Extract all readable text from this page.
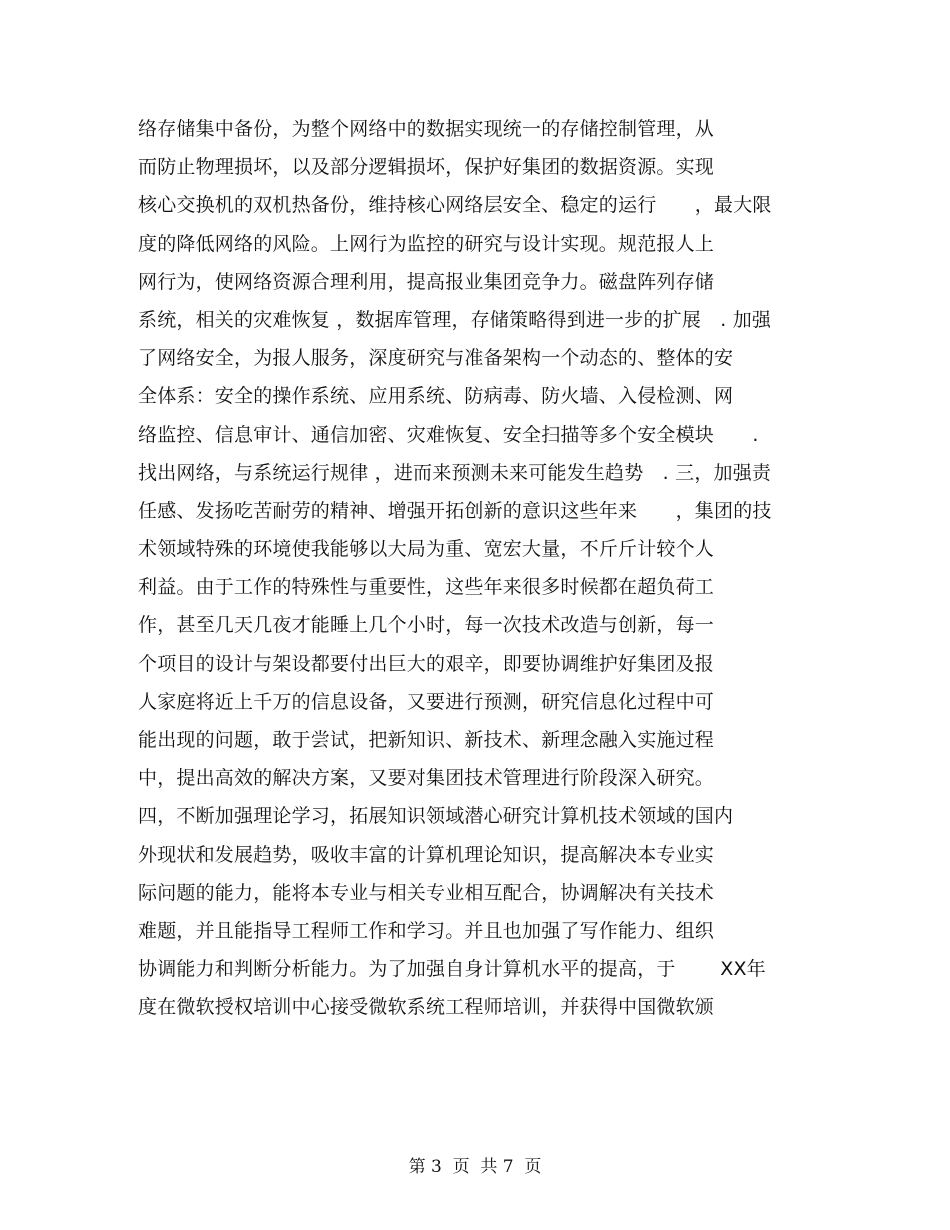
络存储集中备份，为整个网络中的数据实现统一的存储控制管理，从
而防止物理损坏，以及部分逻辑损坏，保护好集团的数据资源。实现
核心交换机的双机热备份，维持核心网络层安全、稳定的运行　　，最大限
度的降低网络的风险。上网行为监控的研究与设计实现。规范报人上
网行为，使网络资源合理利用，提高报业集团竞争力。磁盘阵列存储
系统，相关的灾难恢复 ，数据库管理，存储策略得到进一步的扩展　. 加强
了网络安全，为报人服务，深度研究与准备架构一个动态的、整体的安
全体系：安全的操作系统、应用系统、防病毒、防火墙、入侵检测、网
络监控、信息审计、通信加密、灾难恢复、安全扫描等多个安全模块　　.
找出网络，与系统运行规律 ，进而来预测未来可能发生趋势　. 三，加强责
任感、发扬吃苦耐劳的精神、增强开拓创新的意识这些年来　　，集团的技
术领域特殊的环境使我能够以大局为重、宽宏大量，不斤斤计较个人
利益。由于工作的特殊性与重要性，这些年来很多时候都在超负荷工
作，甚至几天几夜才能睡上几个小时，每一次技术改造与创新，每一
个项目的设计与架设都要付出巨大的艰辛，即要协调维护好集团及报
人家庭将近上千万的信息设备，又要进行预测，研究信息化过程中可
能出现的问题，敢于尝试，把新知识、新技术、新理念融入实施过程
中，提出高效的解决方案，又要对集团技术管理进行阶段深入研究。
四，不断加强理论学习，拓展知识领域潜心研究计算机技术领域的国内
外现状和发展趋势，吸收丰富的计算机理论知识，提高解决本专业实
际问题的能力，能将本专业与相关专业相互配合，协调解决有关技术
难题，并且能指导工程师工作和学习。并且也加强了写作能力、组织
协调能力和判断分析能力。为了加强自身计算机水平的提高，于　　 XX年
度在微软授权培训中心接受微软系统工程师培训，并获得中国微软颁
第 3  页  共 7  页
